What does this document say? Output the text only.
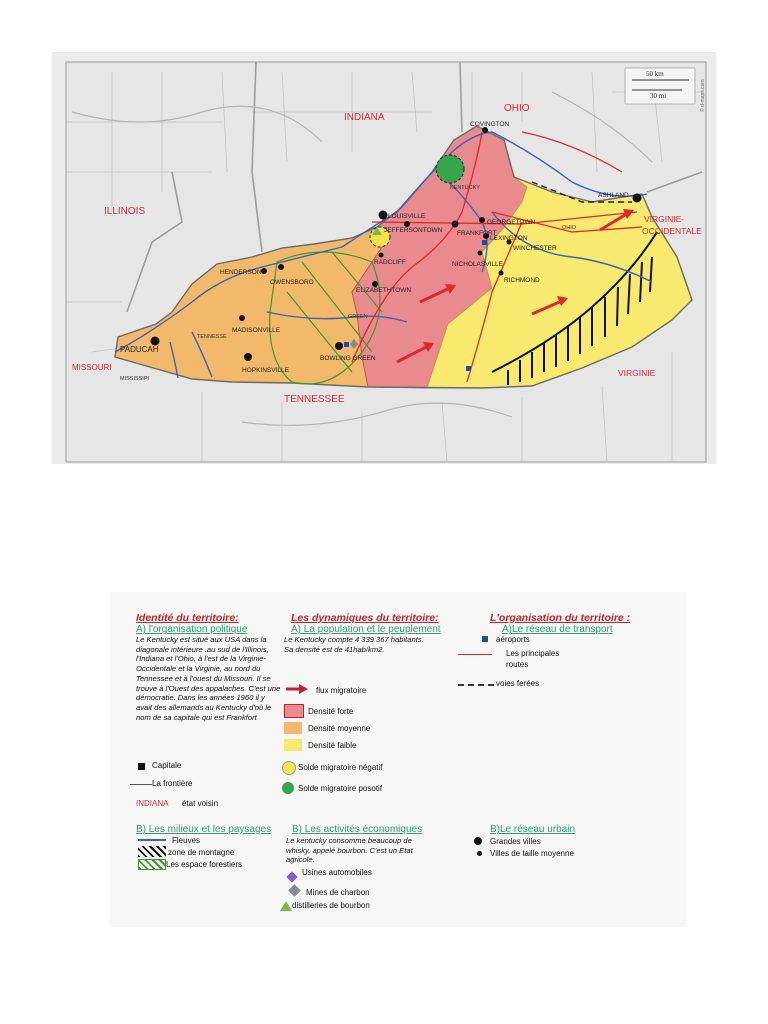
50 km
30 mi	© d-maps.com
INDIANA
OHIO
ILLINOIS
VIRGINIE-
OCCIDENTALE
MISSOURI
TENNESSEE
VIRGINIE
COVINGTON
LOUISVILLE
JEFFERSONTOWN FRANKFORT
GEORGETOWN
LEXINGTON
WINCHESTER
NICHOLASVILLE
RICHMOND
ASHLAND
HENDERSON
OWENSBORO
RADCLIFF
ELIZABETHTOWN
MADISONVILLE
PADUCAH
HOPKINSVILLE
BOWLING GREEN
KENTUCKY
OHIO
GREEN
TENNESSE
MISSISSIPI
Identité du territoire:
A) l'organisation politique
Le Kentucky est situé aux USA dans la diagonale intérieure .au sud de l'Illinois, l'Indiana et l'Ohio, à l'est de la Virginie-Occidentale et la Virginie, au nord du Tennessee et à l'ouest du Missouri. Il se trouve à l'Ouest des appalaches. C'est une démocratie. Dans les années 1960 il y avait des allemands au Kentucky d'où le nom de sa capitale qui est Frankfort
Capitale
La frontière
INDIANA état voisin
B) Les milieux et les paysages
Fleuves
zone de montagne
Les espace forestiers
Les dynamiques du territoire:
A) La population et le peuplement
Le Kentucky compte 4 339 367 habitants. Sa densité est de 41hab/km2.
flux migratoire
Densité forte
Densité moyenne
Densité faible
Solde migratoire négatif
Solde migratoire posotif
B) Les activités économiques
Le kentucky consomme beaucoup de whisky, appelé bourbon. C'est un Etat agricole.
Usines automobiles
Mines de charbon
distilleries de bourbon
L'organisation du territoire :
A)Le réseau de transport
aéroports
Les principales
routes
voies ferées
B)Le réseau urbain
Grandes villes
Villes de taille moyenne
